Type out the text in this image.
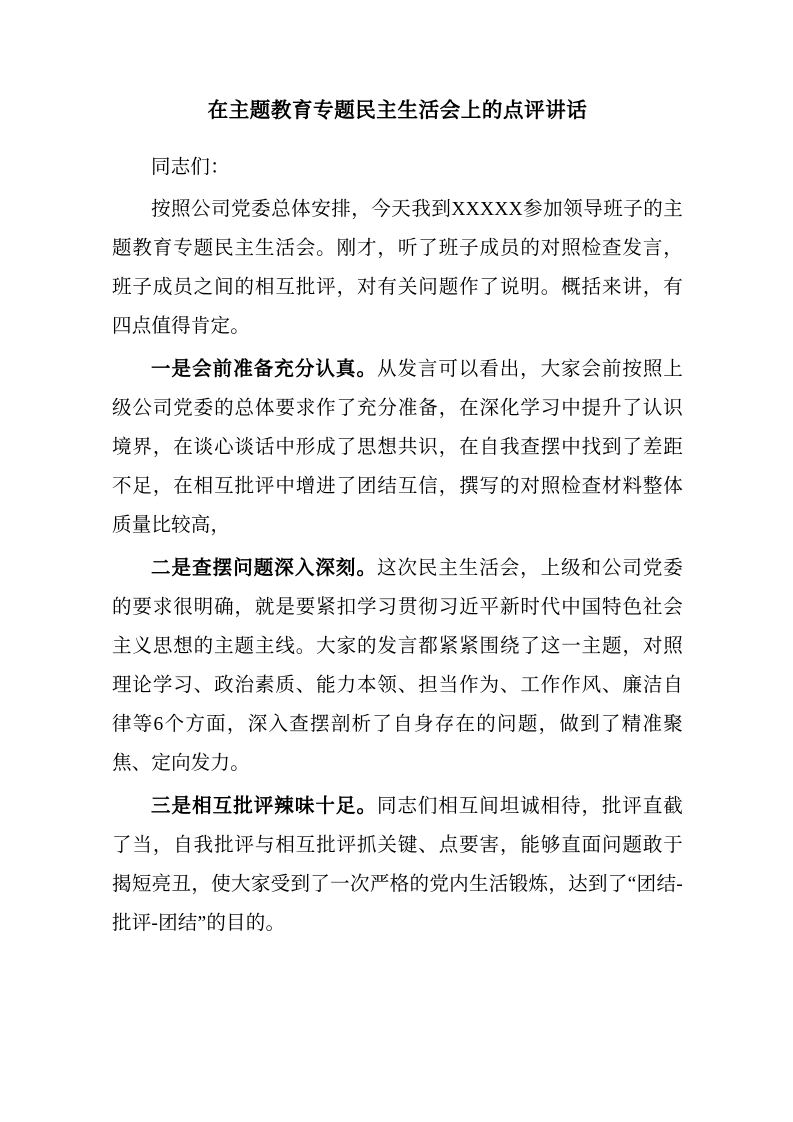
在主题教育专题民主生活会上的点评讲话

同志们：

按照公司党委总体安排，今天我到XXXXX参加领导班子的主题教育专题民主生活会。刚才，听了班子成员的对照检查发言，班子成员之间的相互批评，对有关问题作了说明。概括来讲，有四点值得肯定。

一是会前准备充分认真。从发言可以看出，大家会前按照上级公司党委的总体要求作了充分准备，在深化学习中提升了认识境界，在谈心谈话中形成了思想共识，在自我查摆中找到了差距不足，在相互批评中增进了团结互信，撰写的对照检查材料整体质量比较高，

二是查摆问题深入深刻。这次民主生活会，上级和公司党委的要求很明确，就是要紧扣学习贯彻习近平新时代中国特色社会主义思想的主题主线。大家的发言都紧紧围绕了这一主题，对照理论学习、政治素质、能力本领、担当作为、工作作风、廉洁自律等6个方面，深入查摆剖析了自身存在的问题，做到了精准聚焦、定向发力。

三是相互批评辣味十足。同志们相互间坦诚相待，批评直截了当，自我批评与相互批评抓关键、点要害，能够直面问题敢于揭短亮丑，使大家受到了一次严格的党内生活锻炼，达到了“团结-批评-团结”的目的。
